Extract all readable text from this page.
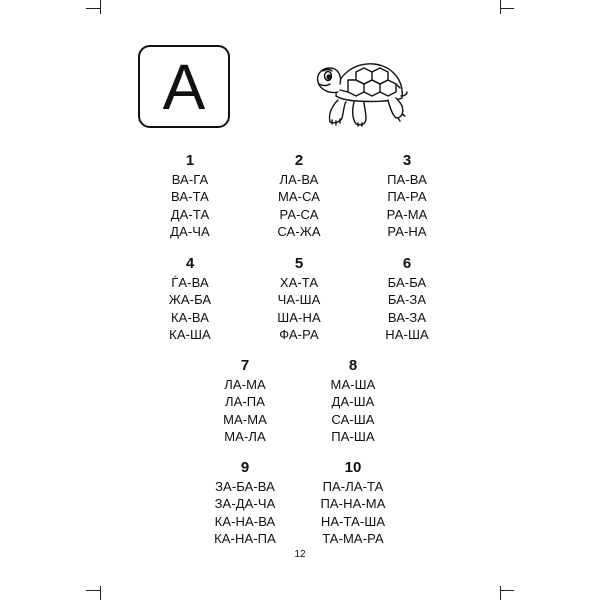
А
1
ВА-ГА
ВА-ТА
ДА-ТА
ДА-ЧА
2
ЛА-ВА
МА-СА
РА-СА
СА-ЖА
3
ПА-ВА
ПА-РА
РА-МА
РА-НА
4
ЃА-ВА
ЖА-БА
КА-ВА
КА-ША
5
ХА-ТА
ЧА-ША
ША-НА
ФА-РА
6
БА-БА
БА-ЗА
ВА-ЗА
НА-ША
7
ЛА-МА
ЛА-ПА
МА-МА
МА-ЛА
8
МА-ША
ДА-ША
СА-ША
ПА-ША
9
ЗА-БА-ВА
ЗА-ДА-ЧА
КА-НА-ВА
КА-НА-ПА
10
ПА-ЛА-ТА
ПА-НА-МА
НА-ТА-ША
ТА-МА-РА
12
